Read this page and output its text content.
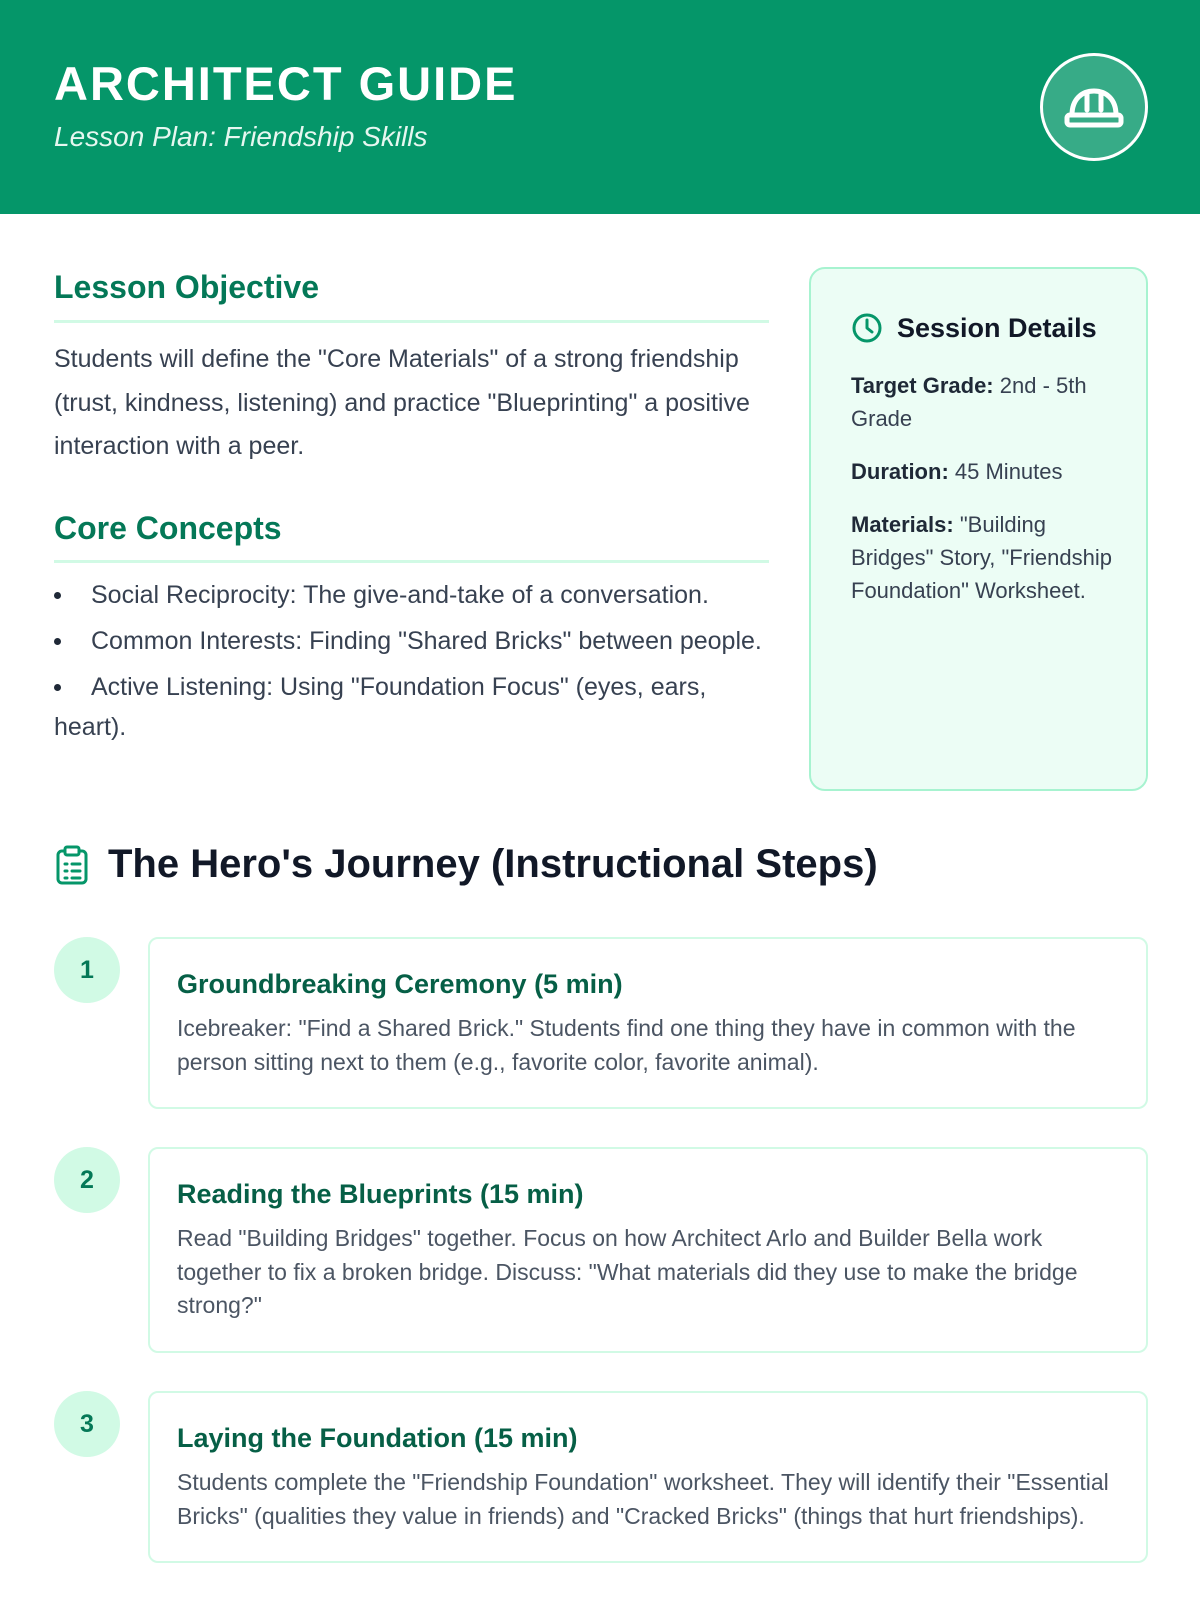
ARCHITECT GUIDE
Lesson Plan: Friendship Skills
Lesson Objective

Students will define the "Core Materials" of a strong friendship (trust, kindness, listening) and practice "Blueprinting" a positive interaction with a peer.

Core Concepts
Social Reciprocity: The give-and-take of a conversation.
Common Interests: Finding "Shared Bricks" between people.
Active Listening: Using "Foundation Focus" (eyes, ears, heart).
Session Details
Target Grade: 2nd - 5th Grade
Duration: 45 Minutes
Materials: "Building Bridges" Story, "Friendship Foundation" Worksheet.
The Hero's Journey (Instructional Steps)
1	Groundbreaking Ceremony (5 min)
Icebreaker: "Find a Shared Brick." Students find one thing they have in common with the person sitting next to them (e.g., favorite color, favorite animal).
2	Reading the Blueprints (15 min)
Read "Building Bridges" together. Focus on how Architect Arlo and Builder Bella work together to fix a broken bridge. Discuss: "What materials did they use to make the bridge strong?"
3	Laying the Foundation (15 min)
Students complete the "Friendship Foundation" worksheet. They will identify their "Essential Bricks" (qualities they value in friends) and "Cracked Bricks" (things that hurt friendships).
